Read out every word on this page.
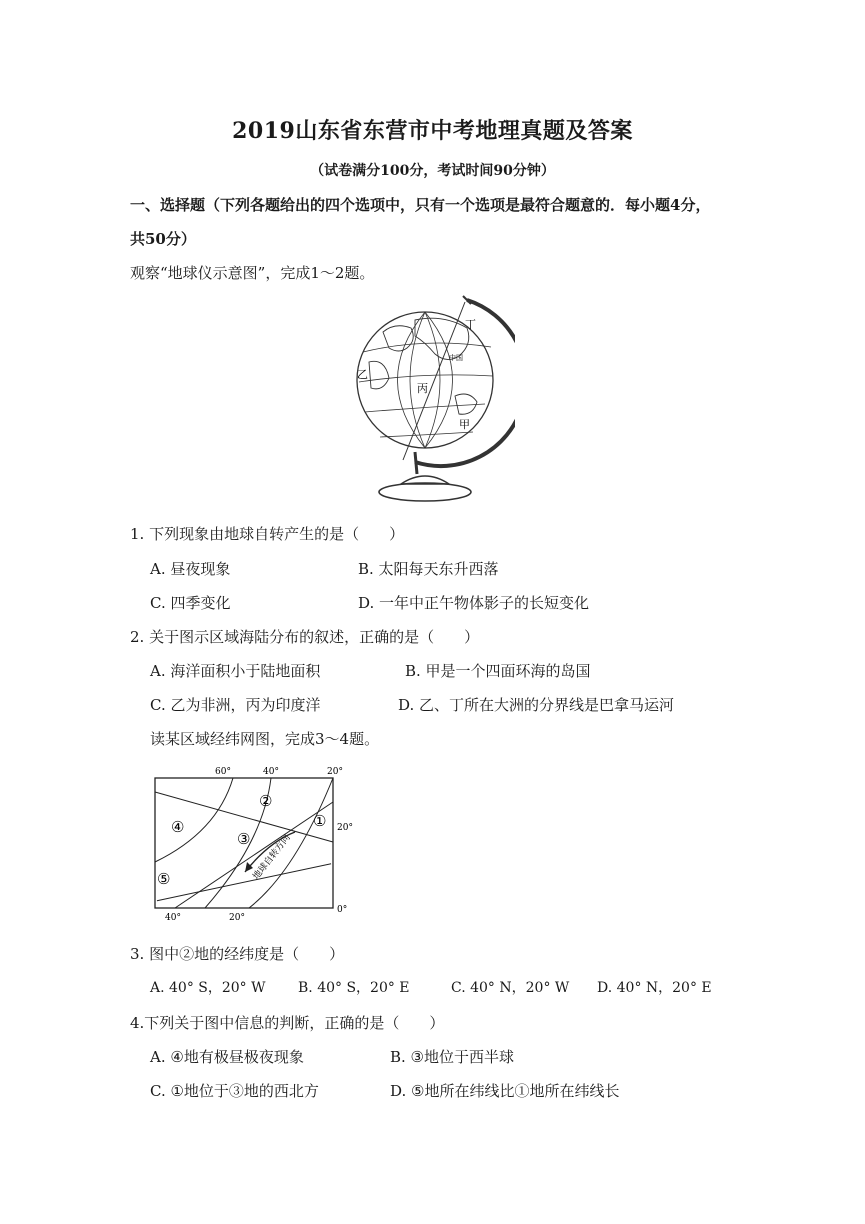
2019山东省东营市中考地理真题及答案
（试卷满分100分，考试时间90分钟）
一、选择题（下列各题给出的四个选项中，只有一个选项是最符合题意的．每小题4分，
共50分）
观察“地球仪示意图”，完成1～2题。
乙
丁
中国
丙
甲
1. 下列现象由地球自转产生的是（　　）
A. 昼夜现象	B. 太阳每天东升西落
C. 四季变化	D. 一年中正午物体影子的长短变化
2. 关于图示区域海陆分布的叙述，正确的是（　　）
A. 海洋面积小于陆地面积	B. 甲是一个四面环海的岛国
C. 乙为非洲，丙为印度洋	D. 乙、丁所在大洲的分界线是巴拿马运河
读某区域经纬网图，完成3～4题。
地球自转方向
60°	40°	20°
20°
0°
40°	20°
①
②
③
④
⑤
3. 图中②地的经纬度是（　　）
A. 40° S，20° W B. 40° S，20° E	C. 40° N，20° W D. 40° N，20° E
4.下列关于图中信息的判断，正确的是（　　）
A. ④地有极昼极夜现象	B. ③地位于西半球
C. ①地位于③地的西北方	D. ⑤地所在纬线比①地所在纬线长
